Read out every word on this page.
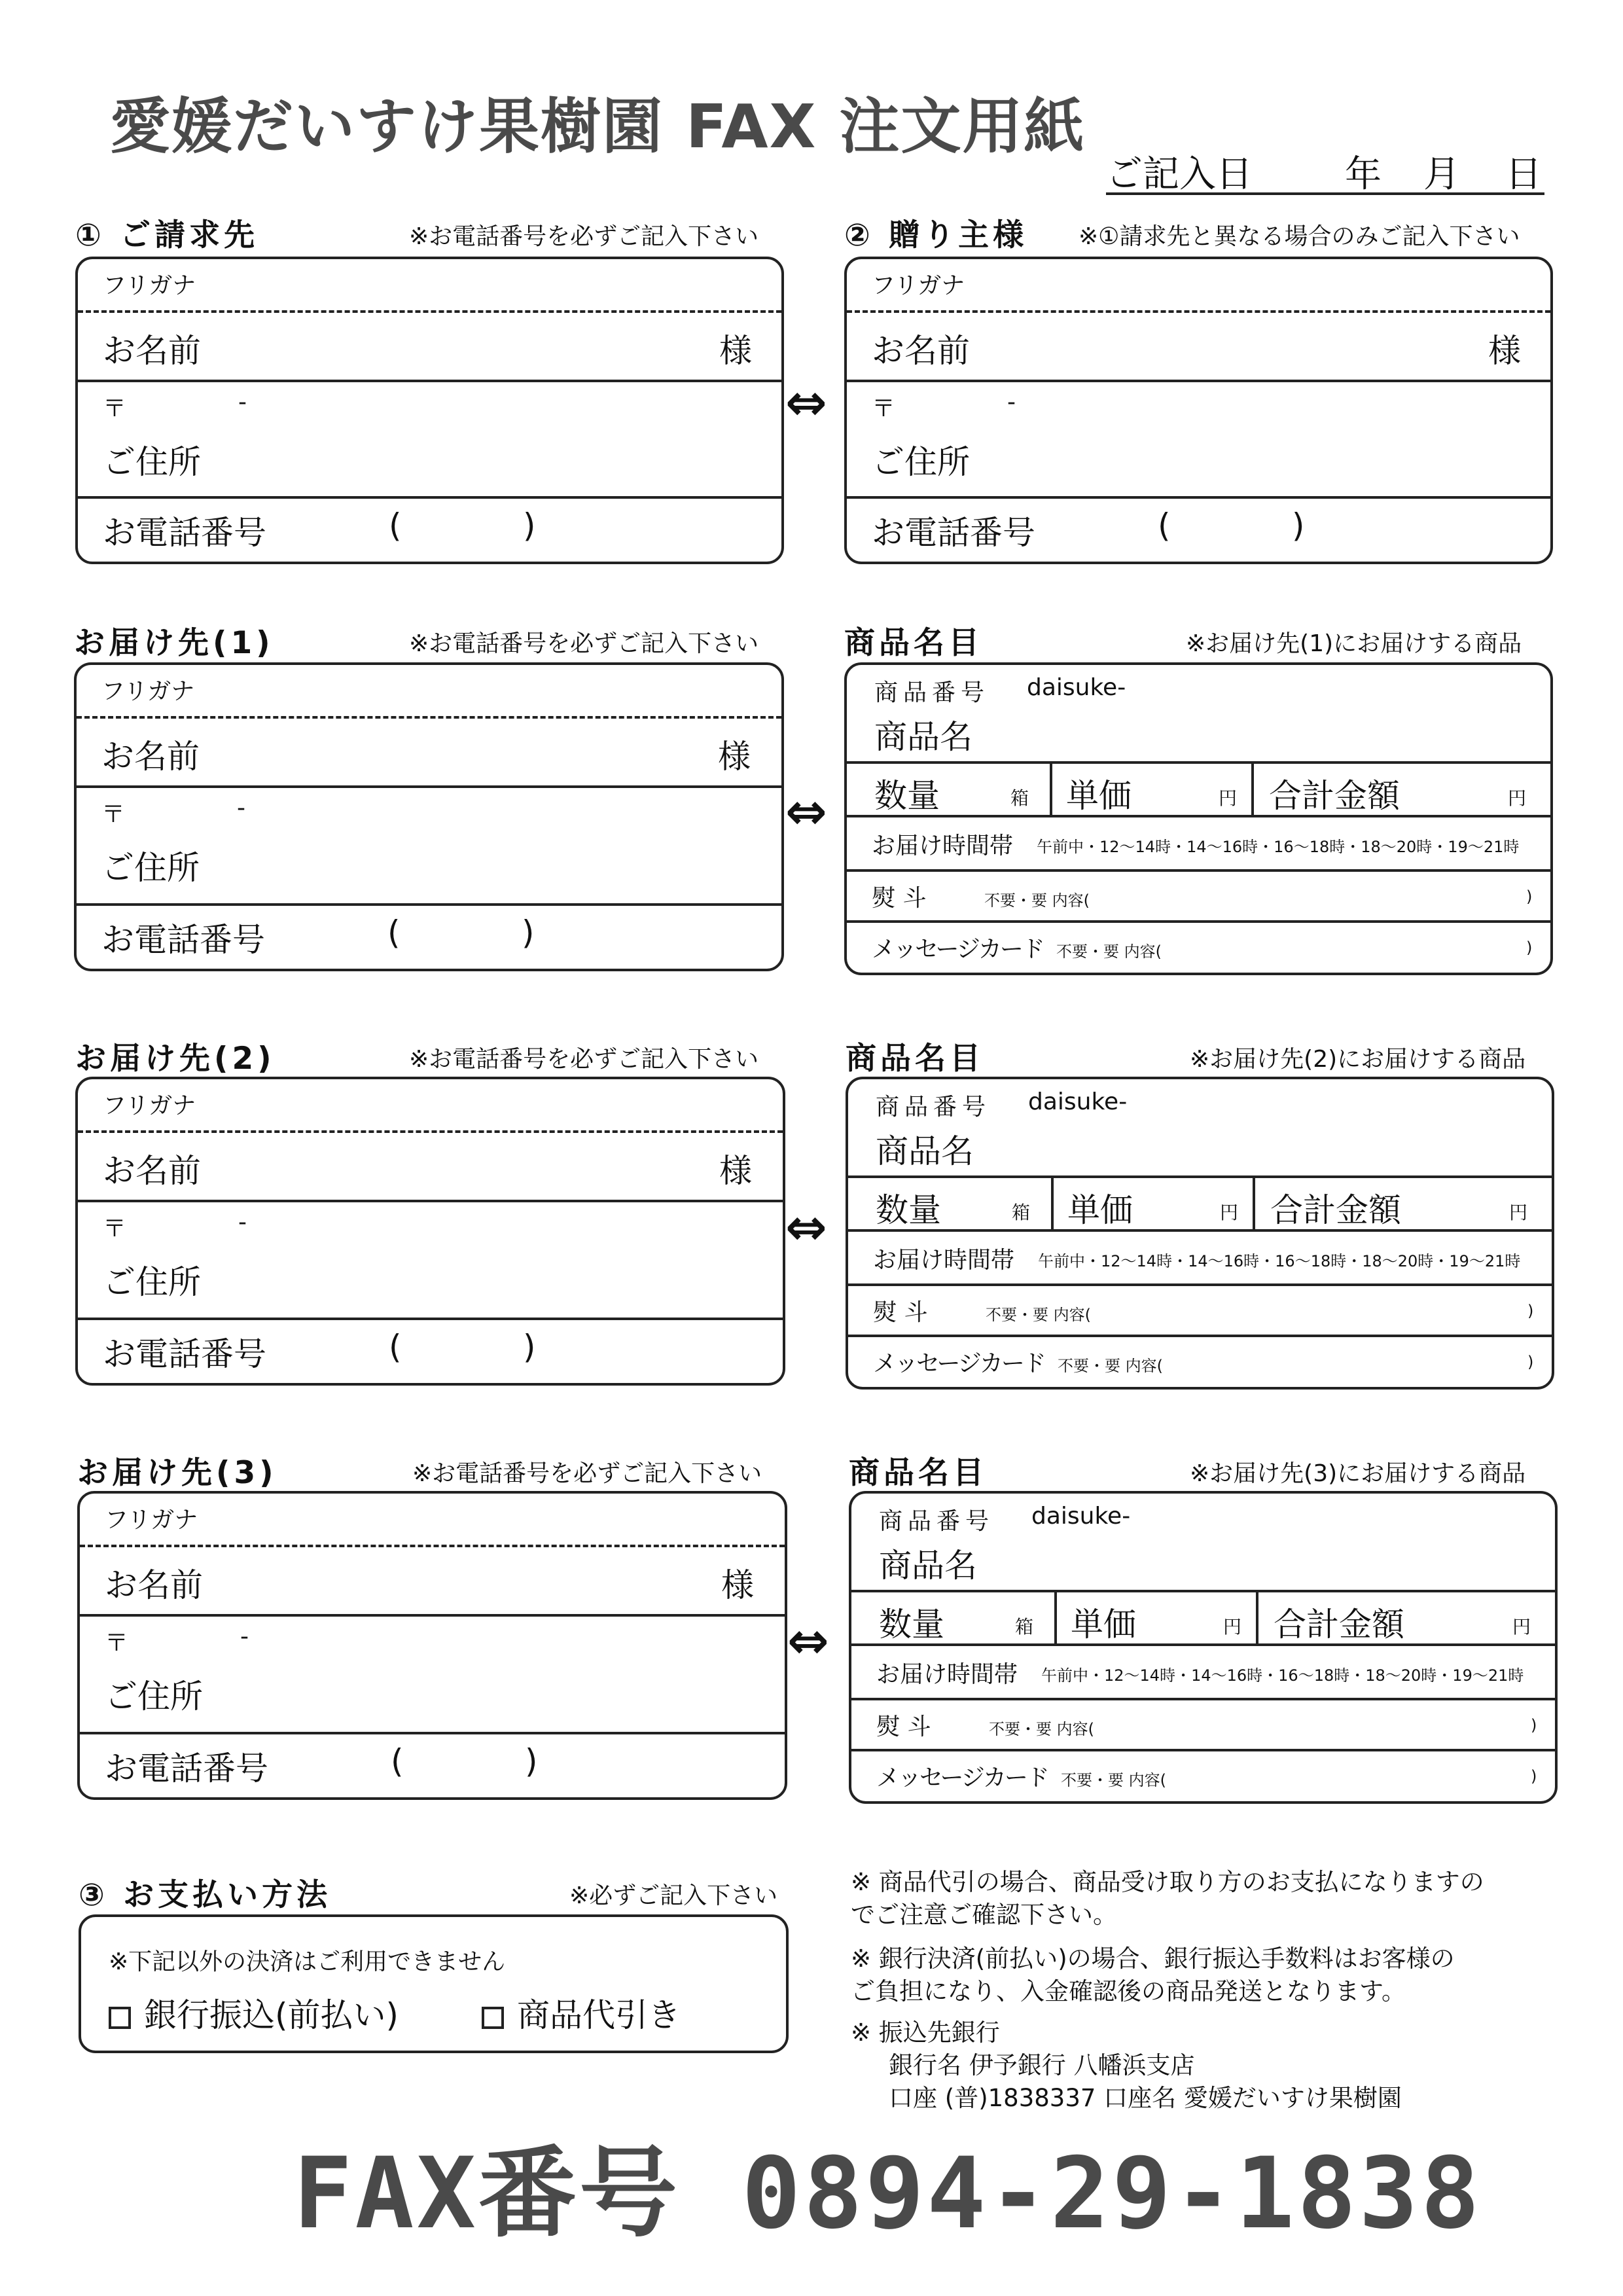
愛媛だいすけ果樹園 FAX 注文用紙
ご記入日	年 月 日
① ご請求先	※お電話番号を必ずご記入下さい
フリガナ
お名前	様
〒	-
ご住所
お電話番号	(	)
⇔
② 贈り主様 ※①請求先と異なる場合のみご記入下さい
フリガナ
お名前	様
〒	-
ご住所
お電話番号	(	)
お届け先(1)	※お電話番号を必ずご記入下さい
フリガナ
お名前	様
〒	-
ご住所
お電話番号	(	)
⇔
商品名目	※お届け先(1)にお届けする商品
商品番号 daisuke-
商品名
数量	箱 単価	円 合計金額	円
お届け時間帯 午前中・12〜14時・14〜16時・16〜18時・18〜20時・19〜21時
熨 斗	不要・要 内容(	)
メッセージカード 不要・要 内容(	)
お届け先(2)	※お電話番号を必ずご記入下さい
フリガナ
お名前	様
〒	-
ご住所
お電話番号	(	)
⇔
商品名目	※お届け先(2)にお届けする商品
商品番号 daisuke-
商品名
数量	箱 単価	円 合計金額	円
お届け時間帯 午前中・12〜14時・14〜16時・16〜18時・18〜20時・19〜21時
熨 斗	不要・要 内容(	)
メッセージカード 不要・要 内容(	)
お届け先(3)	※お電話番号を必ずご記入下さい
フリガナ
お名前	様
〒	-
ご住所
お電話番号	(	)
⇔
商品名目	※お届け先(3)にお届けする商品
商品番号 daisuke-
商品名
数量	箱 単価	円 合計金額	円
お届け時間帯 午前中・12〜14時・14〜16時・16〜18時・18〜20時・19〜21時
熨 斗	不要・要 内容(	)
メッセージカード 不要・要 内容(	)
③ お支払い方法	※必ずご記入下さい
※下記以外の決済はご利用できません
銀行振込(前払い)	商品代引き
※ 商品代引の場合、商品受け取り方のお支払になりますの
でご注意ご確認下さい。
※ 銀行決済(前払い)の場合、銀行振込手数料はお客様の
ご負担になり、入金確認後の商品発送となります。
※ 振込先銀行
銀行名 伊予銀行 八幡浜支店
口座 (普)1838337 口座名 愛媛だいすけ果樹園
FAX番号 0894-29-1838
